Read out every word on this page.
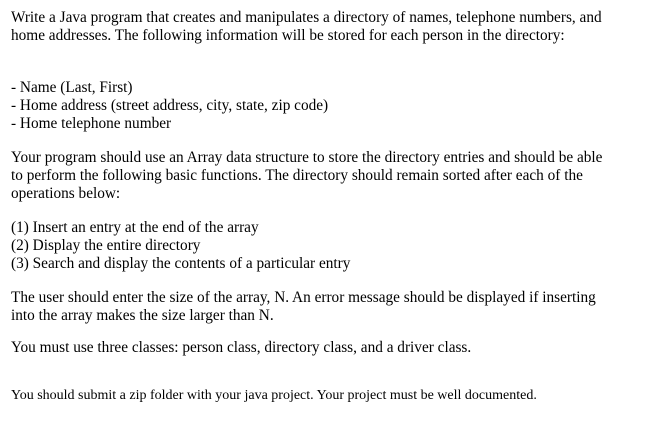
Write a Java program that creates and manipulates a directory of names, telephone numbers, and
home addresses. The following information will be stored for each person in the directory:
- Name (Last, First)
- Home address (street address, city, state, zip code)
- Home telephone number
Your program should use an Array data structure to store the directory entries and should be able
to perform the following basic functions. The directory should remain sorted after each of the
operations below:
(1) Insert an entry at the end of the array
(2) Display the entire directory
(3) Search and display the contents of a particular entry
The user should enter the size of the array, N. An error message should be displayed if inserting
into the array makes the size larger than N.
You must use three classes: person class, directory class, and a driver class.
You should submit a zip folder with your java project. Your project must be well documented.
